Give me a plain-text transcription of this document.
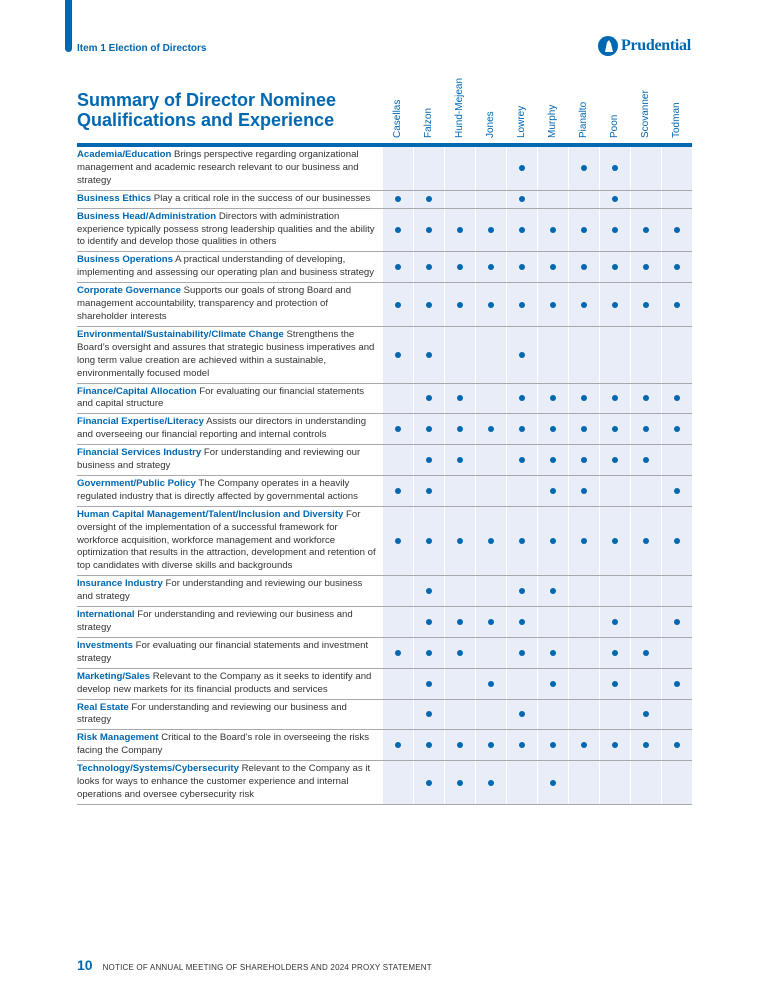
Item 1 Election of Directors	Prudential
Summary of Director Nominee Qualifications and Experience	Casellas Falzon Hund-Mejean Jones Lowrey Murphy Pianalto Poon Scovanner Todman
Academia/Education Brings perspective regarding organizational management and academic research relevant to our business and strategy
Business Ethics Play a critical role in the success of our businesses
Business Head/Administration Directors with administration experience typically possess strong leadership qualities and the ability to identify and develop those qualities in others
Business Operations A practical understanding of developing, implementing and assessing our operating plan and business strategy
Corporate Governance Supports our goals of strong Board and management accountability, transparency and protection of shareholder interests
Environmental/Sustainability/Climate Change Strengthens the Board’s oversight and assures that strategic business imperatives and long term value creation are achieved within a sustainable, environmentally focused model
Finance/Capital Allocation For evaluating our financial statements and capital structure
Financial Expertise/Literacy Assists our directors in understanding and overseeing our financial reporting and internal controls
Financial Services Industry For understanding and reviewing our business and strategy
Government/Public Policy The Company operates in a heavily regulated industry that is directly affected by governmental actions
Human Capital Management/Talent/Inclusion and Diversity For oversight of the implementation of a successful framework for workforce acquisition, workforce management and workforce optimization that results in the attraction, development and retention of top candidates with diverse skills and backgrounds
Insurance Industry For understanding and reviewing our business and strategy
International For understanding and reviewing our business and strategy
Investments For evaluating our financial statements and investment strategy
Marketing/Sales Relevant to the Company as it seeks to identify and develop new markets for its financial products and services
Real Estate For understanding and reviewing our business and strategy
Risk Management Critical to the Board’s role in overseeing the risks facing the Company
Technology/Systems/Cybersecurity Relevant to the Company as it looks for ways to enhance the customer experience and internal operations and oversee cybersecurity risk
10 NOTICE OF ANNUAL MEETING OF SHAREHOLDERS AND 2024 PROXY STATEMENT
